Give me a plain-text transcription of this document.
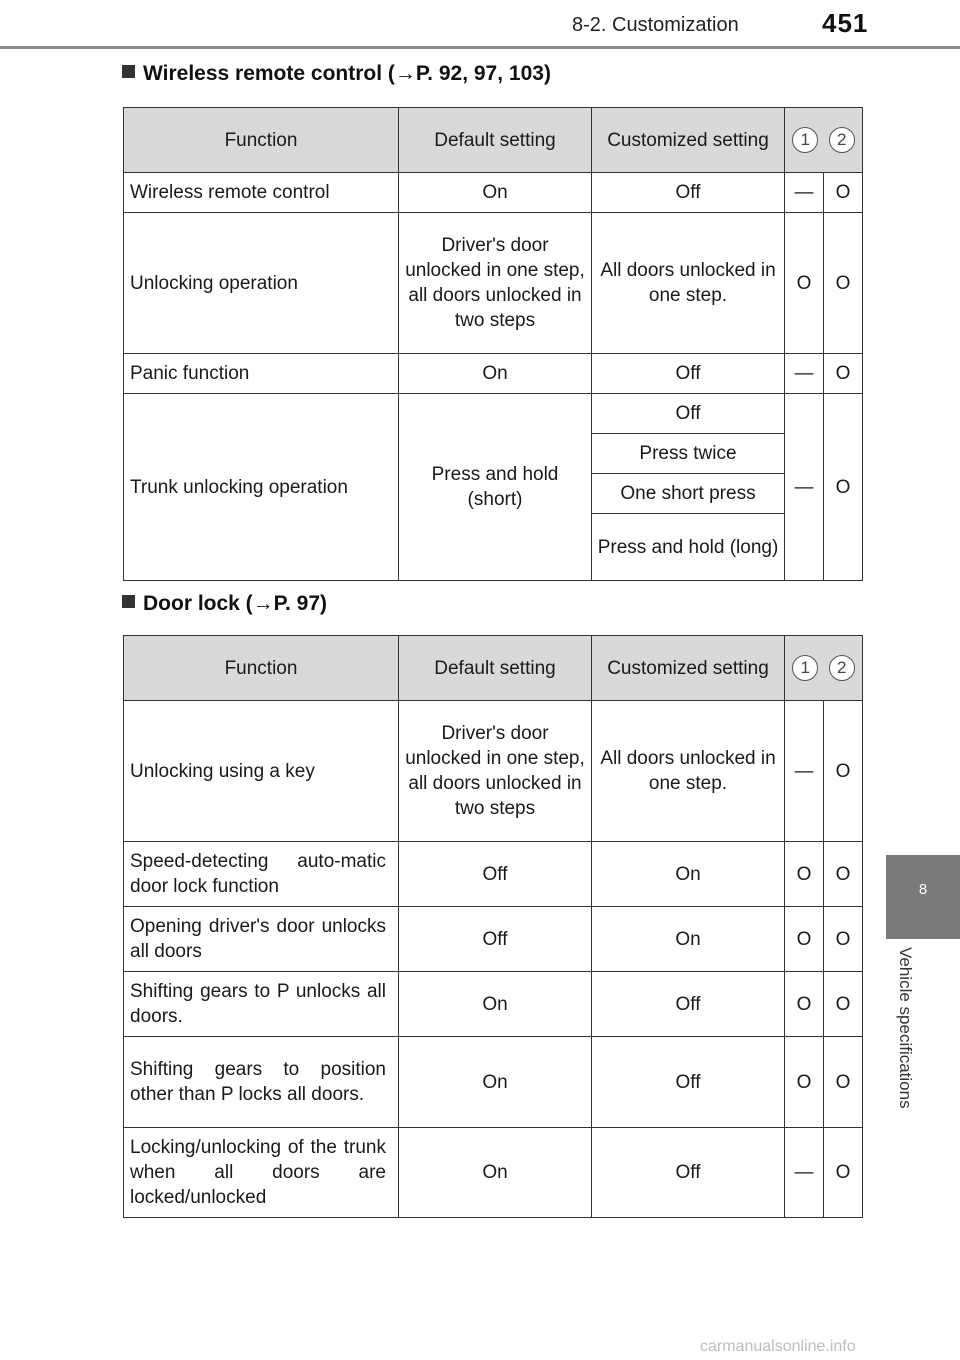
8-2. Customization	451
8
Vehicle specifications
Wireless remote control (→P. 92, 97, 103)
Function	Default setting	Customized setting	1 2	
Wireless remote control	On	Off	—	O
Unlocking operation	Driver's door unlocked in one step, all doors unlocked in two steps	All doors unlocked in one step.	O	O
Panic function	On	Off	—	O
Trunk unlocking operation	Press and hold (short)	Off	—	O
		Press twice		
		One short press		
		Press and hold (long)		
Door lock (→P. 97)
Function	Default setting	Customized setting	1 2	
Unlocking using a key	Driver's door unlocked in one step, all doors unlocked in two steps	All doors unlocked in one step.	—	O
Speed-detecting auto-matic door lock function	Off	On	O	O
Opening driver's door unlocks all doors	Off	On	O	O
Shifting gears to P unlocks all doors.	On	Off	O	O
Shifting gears to position other than P locks all doors.	On	Off	O	O
Locking/unlocking of the trunk when all doors are locked/unlocked	On	Off	—	O
carmanualsonline.info
